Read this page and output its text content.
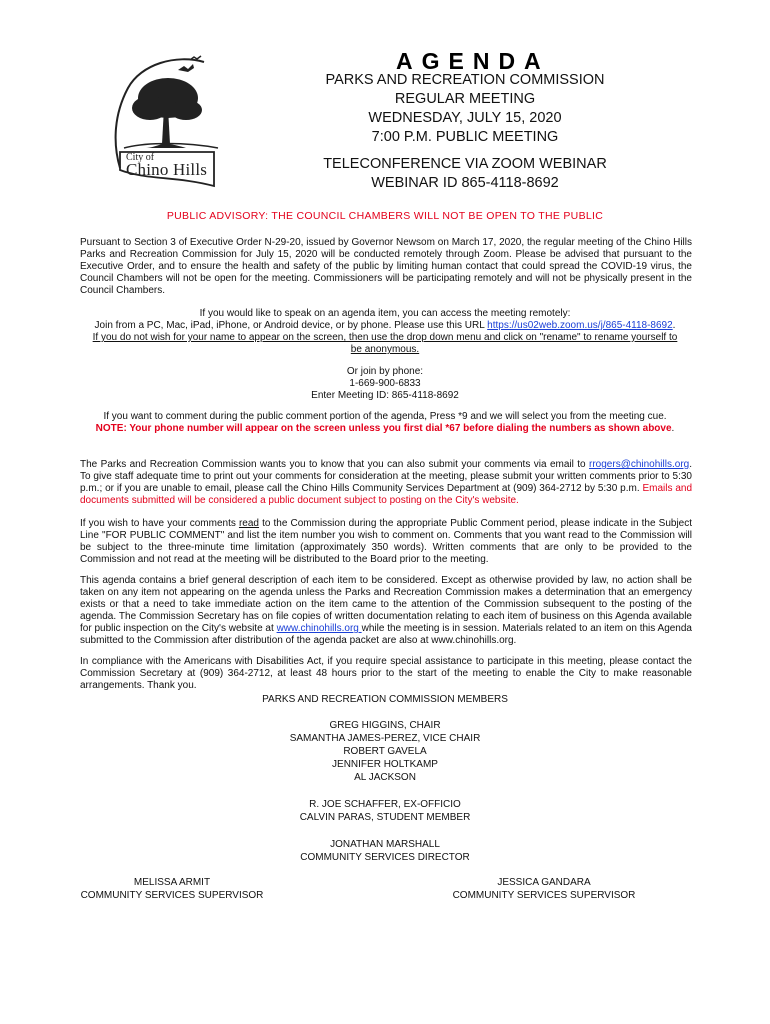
City of
Chino Hills
AGENDA
PARKS AND RECREATION COMMISSION
REGULAR MEETING
WEDNESDAY, JULY 15, 2020
7:00 P.M. PUBLIC MEETING
TELECONFERENCE VIA ZOOM WEBINAR
WEBINAR ID 865-4118-8692
PUBLIC ADVISORY: THE COUNCIL CHAMBERS WILL NOT BE OPEN TO THE PUBLIC
Pursuant to Section 3 of Executive Order N-29-20, issued by Governor Newsom on March 17, 2020, the regular meeting of the Chino Hills Parks and Recreation Commission for July 15, 2020 will be conducted remotely through Zoom. Please be advised that pursuant to the Executive Order, and to ensure the health and safety of the public by limiting human contact that could spread the COVID-19 virus, the Council Chambers will not be open for the meeting. Commissioners will be participating remotely and will not be physically present in the Council Chambers.
If you would like to speak on an agenda item, you can access the meeting remotely:
Join from a PC, Mac, iPad, iPhone, or Android device, or by phone. Please use this URL https://us02web.zoom.us/j/865-4118-8692.
If you do not wish for your name to appear on the screen, then use the drop down menu and click on "rename" to rename yourself to be anonymous.
Or join by phone:
1-669-900-6833
Enter Meeting ID: 865-4118-8692
If you want to comment during the public comment portion of the agenda, Press *9 and we will select you from the meeting cue.
NOTE: Your phone number will appear on the screen unless you first dial *67 before dialing the numbers as shown above.
The Parks and Recreation Commission wants you to know that you can also submit your comments via email to rrogers@chinohills.org. To give staff adequate time to print out your comments for consideration at the meeting, please submit your written comments prior to 5:30 p.m.; or if you are unable to email, please call the Chino Hills Community Services Department at (909) 364-2712 by 5:30 p.m. Emails and documents submitted will be considered a public document subject to posting on the City's website.
If you wish to have your comments read to the Commission during the appropriate Public Comment period, please indicate in the Subject Line "FOR PUBLIC COMMENT" and list the item number you wish to comment on. Comments that you want read to the Commission will be subject to the three-minute time limitation (approximately 350 words). Written comments that are only to be provided to the Commission and not read at the meeting will be distributed to the Board prior to the meeting.
This agenda contains a brief general description of each item to be considered. Except as otherwise provided by law, no action shall be taken on any item not appearing on the agenda unless the Parks and Recreation Commission makes a determination that an emergency exists or that a need to take immediate action on the item came to the attention of the Commission subsequent to the posting of the agenda. The Commission Secretary has on file copies of written documentation relating to each item of business on this Agenda available for public inspection on the City's website at www.chinohills.org while the meeting is in session. Materials related to an item on this Agenda submitted to the Commission after distribution of the agenda packet are also at www.chinohills.org.
In compliance with the Americans with Disabilities Act, if you require special assistance to participate in this meeting, please contact the Commission Secretary at (909) 364-2712, at least 48 hours prior to the start of the meeting to enable the City to make reasonable arrangements. Thank you.
PARKS AND RECREATION COMMISSION MEMBERS
GREG HIGGINS, CHAIR
SAMANTHA JAMES-PEREZ, VICE CHAIR
ROBERT GAVELA
JENNIFER HOLTKAMP
AL JACKSON
R. JOE SCHAFFER, EX-OFFICIO
CALVIN PARAS, STUDENT MEMBER
JONATHAN MARSHALL
COMMUNITY SERVICES DIRECTOR
MELISSA ARMIT
COMMUNITY SERVICES SUPERVISOR
JESSICA GANDARA
COMMUNITY SERVICES SUPERVISOR
